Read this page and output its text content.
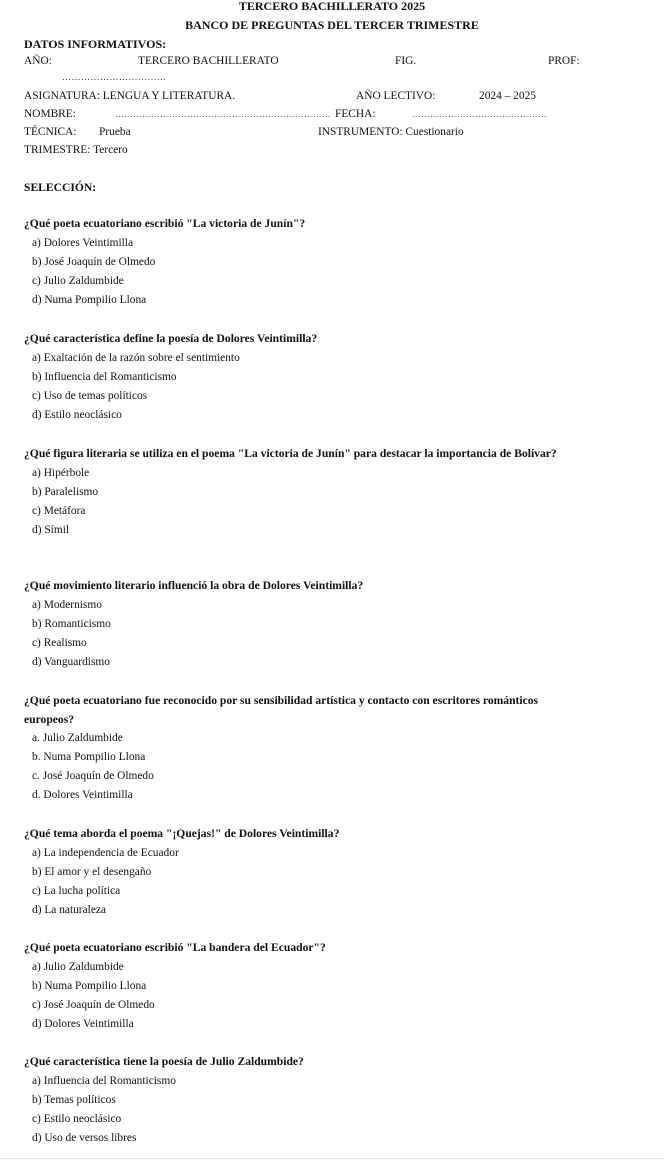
TERCERO BACHILLERATO 2025
BANCO DE PREGUNTAS DEL TERCER TRIMESTRE
DATOS INFORMATIVOS:
AÑO:	TERCERO BACHILLERATO	FIG.	PROF:
……………………………
ASIGNATURA: LENGUA Y LITERATURA.	AÑO LECTIVO:	2024 – 2025
NOMBRE:	……………………………………………………………… FECHA:	………………………………………
TÉCNICA: Prueba	INSTRUMENTO: Cuestionario
TRIMESTRE: Tercero
SELECCIÓN:

¿Qué poeta ecuatoriano escribió "La victoria de Junín"?

a) Dolores Veintimilla

b) José Joaquín de Olmedo

c) Julio Zaldumbide

d) Numa Pompilio Llona

¿Qué característica define la poesía de Dolores Veintimilla?

a) Exaltación de la razón sobre el sentimiento

b) Influencia del Romanticismo

c) Uso de temas políticos

d) Estilo neoclásico

¿Qué figura literaria se utiliza en el poema "La victoria de Junín" para destacar la importancia de Bolívar?

a) Hipérbole

b) Paralelismo

c) Metáfora

d) Símil

¿Qué movimiento literario influenció la obra de Dolores Veintimilla?

a) Modernismo

b) Romanticismo

c) Realismo

d) Vanguardismo

¿Qué poeta ecuatoriano fue reconocido por su sensibilidad artística y contacto con escritores románticos europeos?

a. Julio Zaldumbide

b. Numa Pompilio Llona

c. José Joaquín de Olmedo

d. Dolores Veintimilla

¿Qué tema aborda el poema "¡Quejas!" de Dolores Veintimilla?

a) La independencia de Ecuador

b) El amor y el desengaño

c) La lucha política

d) La naturaleza

¿Qué poeta ecuatoriano escribió "La bandera del Ecuador"?

a) Julio Zaldumbide

b) Numa Pompilio Llona

c) José Joaquín de Olmedo

d) Dolores Veintimilla

¿Qué característica tiene la poesía de Julio Zaldumbide?

a) Influencia del Romanticismo

b) Temas políticos

c) Estilo neoclásico

d) Uso de versos libres
